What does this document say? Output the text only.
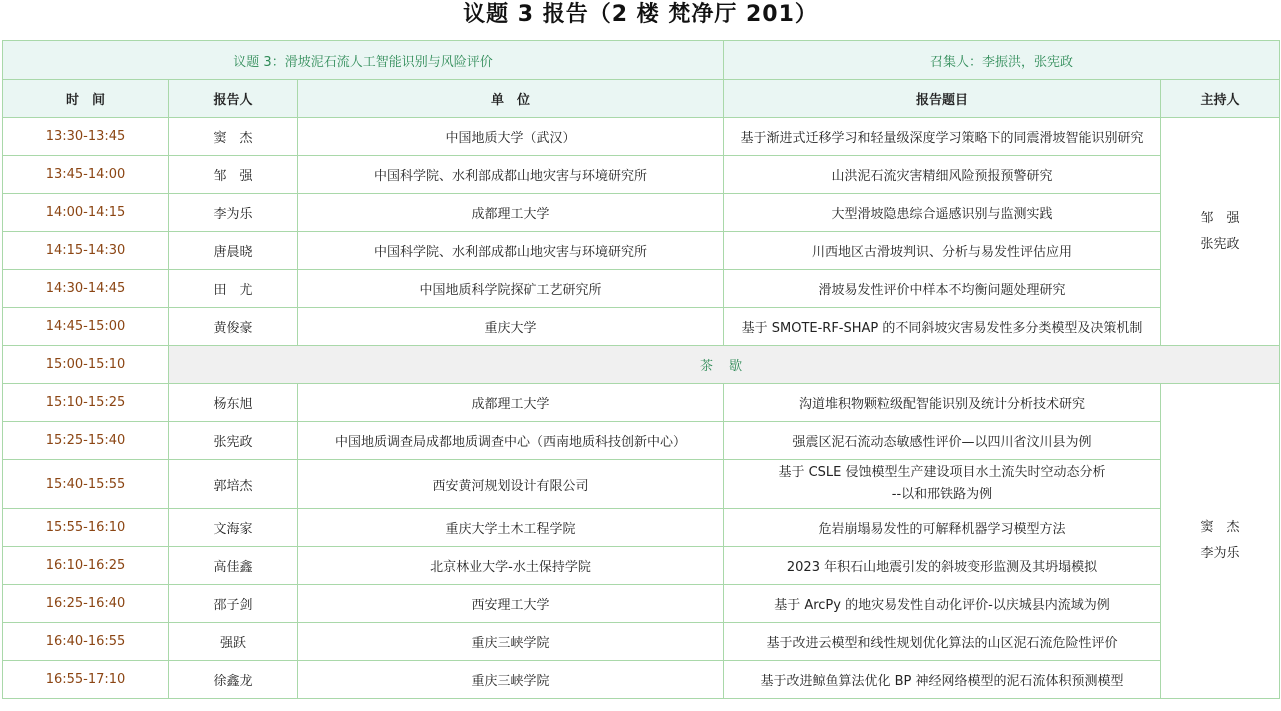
议题 3 报告（2 楼 梵净厅 201）
议题 3：滑坡泥石流人工智能识别与风险评价			召集人：李振洪，张宪政	
时　间	报告人	单　位	报告题目	主持人
13:30-13:45	窦　杰	中国地质大学（武汉）	基于渐进式迁移学习和轻量级深度学习策略下的同震滑坡智能识别研究	邹　强
张宪政

13:45-14:00	邹　强	中国科学院、水利部成都山地灾害与环境研究所	山洪泥石流灾害精细风险预报预警研究	
14:00-14:15	李为乐	成都理工大学	大型滑坡隐患综合遥感识别与监测实践	
14:15-14:30	唐晨晓	中国科学院、水利部成都山地灾害与环境研究所	川西地区古滑坡判识、分析与易发性评估应用	
14:30-14:45	田　尤	中国地质科学院探矿工艺研究所	滑坡易发性评价中样本不均衡问题处理研究	
14:45-15:00	黄俊豪	重庆大学	基于 SMOTE-RF-SHAP 的不同斜坡灾害易发性多分类模型及决策机制	
15:00-15:10	茶 歇			
15:10-15:25	杨东旭	成都理工大学	沟道堆积物颗粒级配智能识别及统计分析技术研究	窦　杰
李为乐

15:25-15:40	张宪政	中国地质调查局成都地质调查中心（西南地质科技创新中心）	强震区泥石流动态敏感性评价—以四川省汶川县为例	
15:40-15:55	郭培杰	西安黄河规划设计有限公司	基于 CSLE 侵蚀模型生产建设项目水土流失时空动态分析
--以和邢铁路为例	

15:55-16:10	文海家	重庆大学土木工程学院	危岩崩塌易发性的可解释机器学习模型方法	
16:10-16:25	高佳鑫	北京林业大学-水土保持学院	2023 年积石山地震引发的斜坡变形监测及其坍塌模拟	
16:25-16:40	邵子剑	西安理工大学	基于 ArcPy 的地灾易发性自动化评价-以庆城县内流域为例	
16:40-16:55	强跃	重庆三峡学院	基于改进云模型和线性规划优化算法的山区泥石流危险性评价	
16:55-17:10	徐鑫龙	重庆三峡学院	基于改进鲸鱼算法优化 BP 神经网络模型的泥石流体积预测模型	
